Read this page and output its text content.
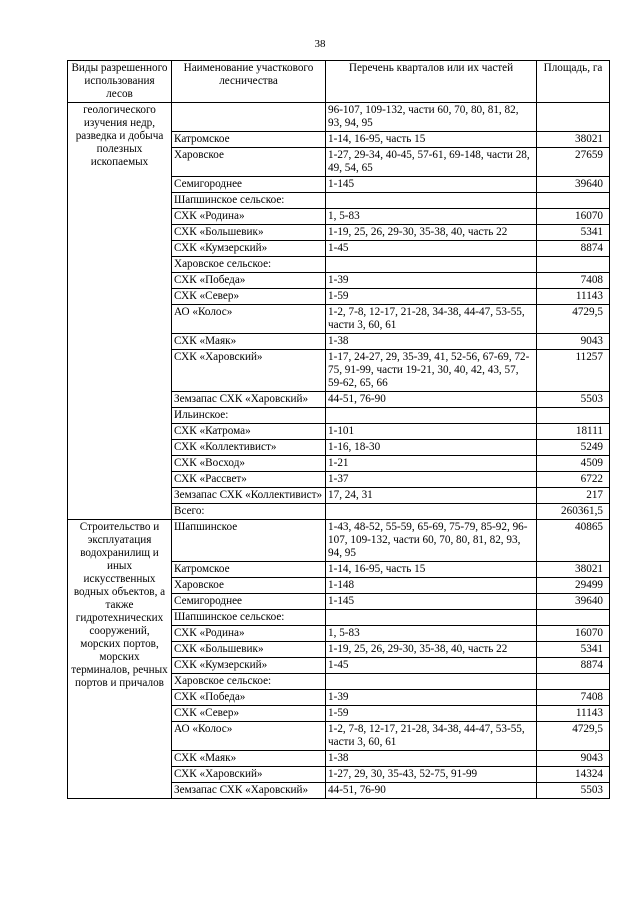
38
Виды разрешенного использования лесов	Наименование участкового лесничества	Перечень кварталов или их частей	Площадь, га
геологического изучения недр, разведка и добыча полезных ископаемых		96-107, 109-132, части 60, 70, 80, 81, 82, 93, 94, 95	
	Катромское	1-14, 16-95, часть 15	38021
	Харовское	1-27, 29-34, 40-45, 57-61, 69-148, части 28, 49, 54, 65	27659
	Семигороднее	1-145	39640
	Шапшинское сельское:		
	СХК «Родина»	1, 5-83	16070
	СХК «Большевик»	1-19, 25, 26, 29-30, 35-38, 40, часть 22	5341
	СХК «Кумзерский»	1-45	8874
	Харовское сельское:		
	СХК «Победа»	1-39	7408
	СХК «Север»	1-59	11143
	АО «Колос»	1-2, 7-8, 12-17, 21-28, 34-38, 44-47, 53-55, части 3, 60, 61	4729,5
	СХК «Маяк»	1-38	9043
	СХК «Харовский»	1-17, 24-27, 29, 35-39, 41, 52-56, 67-69, 72-75, 91-99, части 19-21, 30, 40, 42, 43, 57, 59-62, 65, 66	11257
	Земзапас СХК «Харовский»	44-51, 76-90	5503
	Ильинское:		
	СХК «Катрома»	1-101	18111
	СХК «Коллективист»	1-16, 18-30	5249
	СХК «Восход»	1-21	4509
	СХК «Рассвет»	1-37	6722
	Земзапас СХК «Коллективист»	17, 24, 31	217
	Всего:		260361,5
Строительство и эксплуатация водохранилищ и иных искусственных водных объектов, а также гидротехнических сооружений, морских портов, морских терминалов, речных портов и причалов	Шапшинское	1-43, 48-52, 55-59, 65-69, 75-79, 85-92, 96-107, 109-132, части 60, 70, 80, 81, 82, 93, 94, 95	40865
	Катромское	1-14, 16-95, часть 15	38021
	Харовское	1-148	29499
	Семигороднее	1-145	39640
	Шапшинское сельское:		
	СХК «Родина»	1, 5-83	16070
	СХК «Большевик»	1-19, 25, 26, 29-30, 35-38, 40, часть 22	5341
	СХК «Кумзерский»	1-45	8874
	Харовское сельское:		
	СХК «Победа»	1-39	7408
	СХК «Север»	1-59	11143
	АО «Колос»	1-2, 7-8, 12-17, 21-28, 34-38, 44-47, 53-55, части 3, 60, 61	4729,5
	СХК «Маяк»	1-38	9043
	СХК «Харовский»	1-27, 29, 30, 35-43, 52-75, 91-99	14324
	Земзапас СХК «Харовский»	44-51, 76-90	5503
